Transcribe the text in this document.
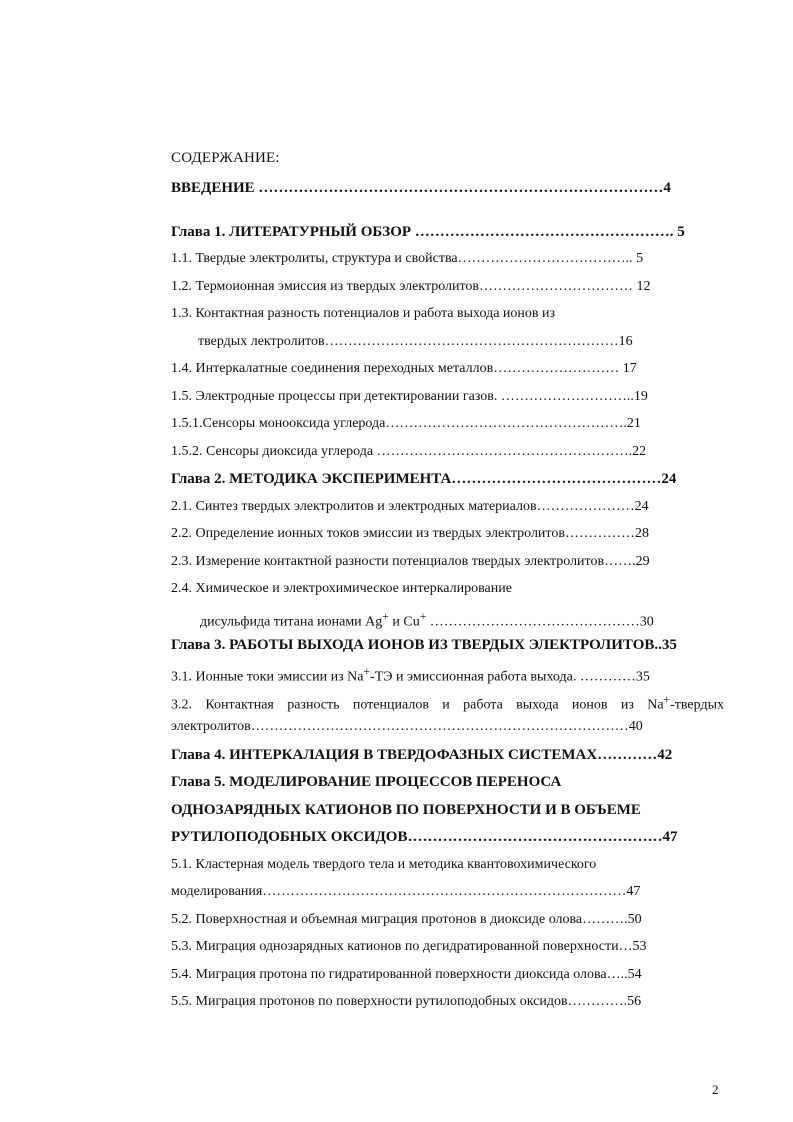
СОДЕРЖАНИЕ:
ВВЕДЕНИЕ ………………………………………………………………………4
Глава 1. ЛИТЕРАТУРНЫЙ ОБЗОР ……………………………………………. 5
1.1. Твердые электролиты, структура и свойства……………………………….. 5
1.2. Термоионная эмиссия из твердых электролитов…………………………… 12
1.3. Контактная разность потенциалов и работа выхода ионов из
твердых лектролитов………………………………………………………16
1.4. Интеркалатные соединения переходных металлов……………………… 17
1.5. Электродные процессы при детектировании газов. ………………………..19
1.5.1.Сенсоры монооксида углерода…………………………………………….21
1.5.2. Сенсоры диоксида углерода ……………………………………………….22
Глава 2. МЕТОДИКА ЭКСПЕРИМЕНТА……………………………………24
2.1. Синтез твердых электролитов и электродных материалов…………………24
2.2. Определение ионных токов эмиссии из твердых электролитов……………28
2.3. Измерение контактной разности потенциалов твердых электролитов…….29
2.4. Химическое и электрохимическое интеркалирование
дисульфида титана ионами Ag+ и Cu+ ………………………………………30
Глава 3. РАБОТЫ ВЫХОДА ИОНОВ ИЗ ТВЕРДЫХ ЭЛЕКТРОЛИТОВ..35
3.1. Ионные токи эмиссии из Na+-ТЭ и эмиссионная работа выхода. …………35
3.2. Контактная разность потенциалов и работа выхода ионов из Na+-твердых
электролитов………………………………………………………………………40
Глава 4. ИНТЕРКАЛАЦИЯ В ТВЕРДОФАЗНЫХ СИСТЕМАХ…………42
Глава 5. МОДЕЛИРОВАНИЕ ПРОЦЕССОВ ПЕРЕНОСА
ОДНОЗАРЯДНЫХ КАТИОНОВ ПО ПОВЕРХНОСТИ И В ОБЪЕМЕ
РУТИЛОПОДОБНЫХ ОКСИДОВ……………………………………………47
5.1. Кластерная модель твердого тела и методика квантовохимического
моделирования……………………………………………………………………47
5.2. Поверхностная и объемная миграция протонов в диоксиде олова……….50
5.3. Миграция однозарядных катионов по дегидратированной поверхности…53
5.4. Миграция протона по гидратированной поверхности диоксида олова…..54
5.5. Миграция протонов по поверхности рутилоподобных оксидов………….56
2
